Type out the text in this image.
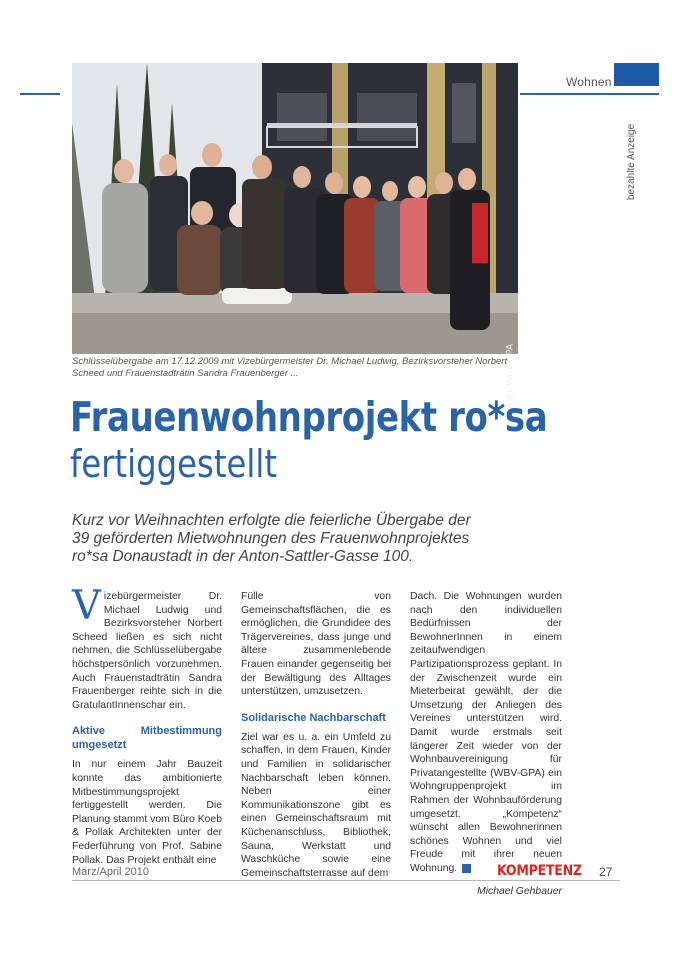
Wohnen
bezahlte Anzeige
Foto: WBV-GPA
Schlüsselübergabe am 17.12.2009 mit Vizebürgermeister Dr. Michael Ludwig, Bezirksvorsteher Norbert Scheed und Frauenstadträtin Sandra Frauenberger ...
Frauenwohnprojekt ro*sa
fertiggestellt
Kurz vor Weihnachten erfolgte die feierliche Übergabe der 39 geförderten Mietwohnungen des Frauenwohnprojektes ro*sa Donaustadt in der Anton-Sattler-Gasse 100.

V izebürgermeister Dr. Michael Ludwig und Bezirksvorsteher Norbert Scheed ließen es sich nicht nehmen, die Schlüsselübergabe höchstpersönlich vorzunehmen. Auch Frauenstadträtin Sandra Frauenberger reihte sich in die GratulantInnenschar ein.

Aktive Mitbestimmung umgesetzt

In nur einem Jahr Bauzeit konnte das ambitionierte Mitbestimmungsprojekt fertiggestellt werden. Die Planung stammt vom Büro Koeb & Pollak Architekten unter der Federführung von Prof. Sabine Pollak. Das Projekt enthält eine

Fülle von Gemeinschaftsflächen, die es ermöglichen, die Grundidee des Trägervereines, dass junge und ältere zusammenlebende Frauen einander gegenseitig bei der Bewältigung des Alltages unterstützen, umzusetzen.

Solidarische Nachbarschaft

Ziel war es u. a. ein Umfeld zu schaffen, in dem Frauen, Kinder und Familien in solidarischer Nachbarschaft leben können. Neben einer Kommunikationszone gibt es einen Gemeinschaftsraum mit Küchenanschluss, Bibliothek, Sauna, Werkstatt und Waschküche sowie eine Gemeinschaftsterrasse auf dem

Dach. Die Wohnungen wurden nach den individuellen Bedürfnissen der BewohnerInnen in einem zeitaufwendigen Partizipationsprozess geplant. In der Zwischenzeit wurde ein Mieterbeirat gewählt, der die Umsetzung der Anliegen des Vereines unterstützen wird. Damit wurde erstmals seit längerer Zeit wieder von der Wohnbauvereinigung für Privatangestellte (WBV-GPA) ein Wohngruppenprojekt im Rahmen der Wohnbauförderung umgesetzt. „Kompetenz“ wünscht allen Bewohnerinnen schönes Wohnen und viel Freude mit ihrer neuen Wohnung.

Michael Gehbauer

März/April 2010	KOMPETENZ 27
